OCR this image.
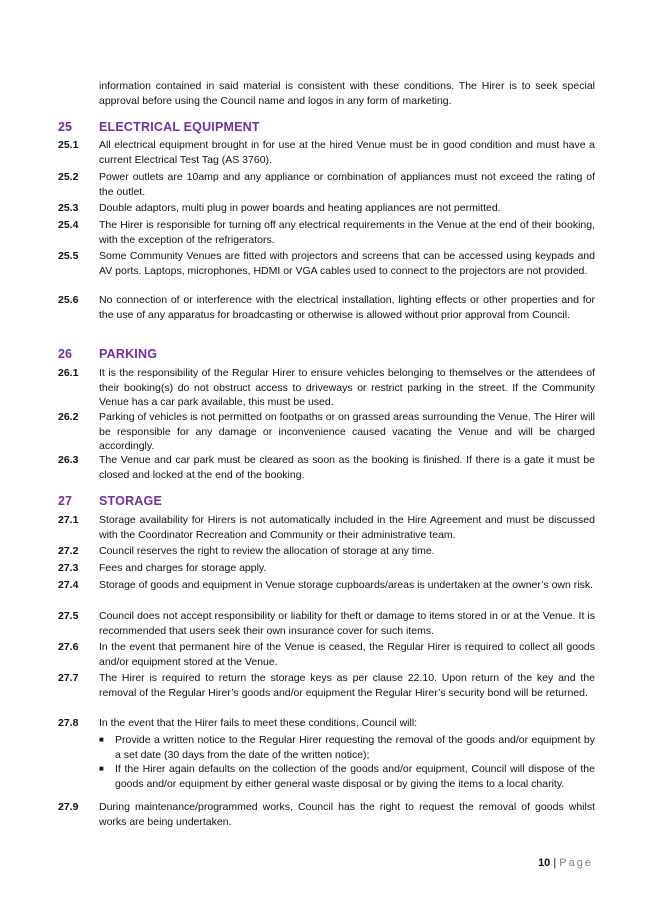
information contained in said material is consistent with these conditions. The Hirer is to seek special approval before using the Council name and logos in any form of marketing.
25 ELECTRICAL EQUIPMENT
25.1 All electrical equipment brought in for use at the hired Venue must be in good condition and must have a current Electrical Test Tag (AS 3760).
25.2 Power outlets are 10amp and any appliance or combination of appliances must not exceed the rating of the outlet.
25.3 Double adaptors, multi plug in power boards and heating appliances are not permitted.
25.4 The Hirer is responsible for turning off any electrical requirements in the Venue at the end of their booking, with the exception of the refrigerators.
25.5 Some Community Venues are fitted with projectors and screens that can be accessed using keypads and AV ports. Laptops, microphones, HDMI or VGA cables used to connect to the projectors are not provided.
25.6 No connection of or interference with the electrical installation, lighting effects or other properties and for the use of any apparatus for broadcasting or otherwise is allowed without prior approval from Council.
26 PARKING
26.1 It is the responsibility of the Regular Hirer to ensure vehicles belonging to themselves or the attendees of their booking(s) do not obstruct access to driveways or restrict parking in the street. If the Community Venue has a car park available, this must be used.
26.2 Parking of vehicles is not permitted on footpaths or on grassed areas surrounding the Venue. The Hirer will be responsible for any damage or inconvenience caused vacating the Venue and will be charged accordingly.
26.3 The Venue and car park must be cleared as soon as the booking is finished. If there is a gate it must be closed and locked at the end of the booking.
27 STORAGE
27.1 Storage availability for Hirers is not automatically included in the Hire Agreement and must be discussed with the Coordinator Recreation and Community or their administrative team.
27.2 Council reserves the right to review the allocation of storage at any time.
27.3 Fees and charges for storage apply.
27.4 Storage of goods and equipment in Venue storage cupboards/areas is undertaken at the owner’s own risk.
27.5 Council does not accept responsibility or liability for theft or damage to items stored in or at the Venue. It is recommended that users seek their own insurance cover for such items.
27.6 In the event that permanent hire of the Venue is ceased, the Regular Hirer is required to collect all goods and/or equipment stored at the Venue.
27.7 The Hirer is required to return the storage keys as per clause 22.10. Upon return of the key and the removal of the Regular Hirer’s goods and/or equipment the Regular Hirer’s security bond will be returned.
27.8 In the event that the Hirer fails to meet these conditions, Council will:
■ Provide a written notice to the Regular Hirer requesting the removal of the goods and/or equipment by a set date (30 days from the date of the written notice);
■ If the Hirer again defaults on the collection of the goods and/or equipment, Council will dispose of the goods and/or equipment by either general waste disposal or by giving the items to a local charity.
27.9 During maintenance/programmed works, Council has the right to request the removal of goods whilst works are being undertaken.
10 | Page
